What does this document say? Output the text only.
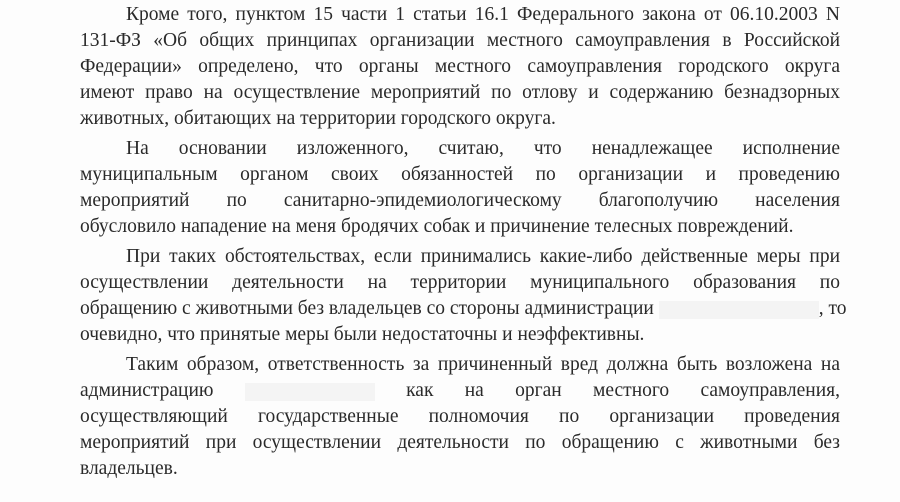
Кроме того, пунктом 15 части 1 статьи 16.1 Федерального закона от 06.10.2003 N
131-ФЗ «Об общих принципах организации местного самоуправления в Российской
Федерации» определено, что органы местного самоуправления городского округа
имеют право на осуществление мероприятий по отлову и содержанию безнадзорных
животных, обитающих на территории городского округа.
На основании изложенного, считаю, что ненадлежащее исполнение
муниципальным органом своих обязанностей по организации и проведению
мероприятий по санитарно-эпидемиологическому благополучию населения
обусловило нападение на меня бродячих собак и причинение телесных повреждений.
При таких обстоятельствах, если принимались какие-либо действенные меры при
осуществлении деятельности на территории муниципального образования по
обращению с животными без владельцев со стороны администрации	, то
очевидно, что принятые меры были недостаточны и неэффективны.
Таким образом, ответственность за причиненный вред должна быть возложена на
администрацию	как на орган местного самоуправления,
осуществляющий государственные полномочия по организации проведения
мероприятий при осуществлении деятельности по обращению с животными без
владельцев.
